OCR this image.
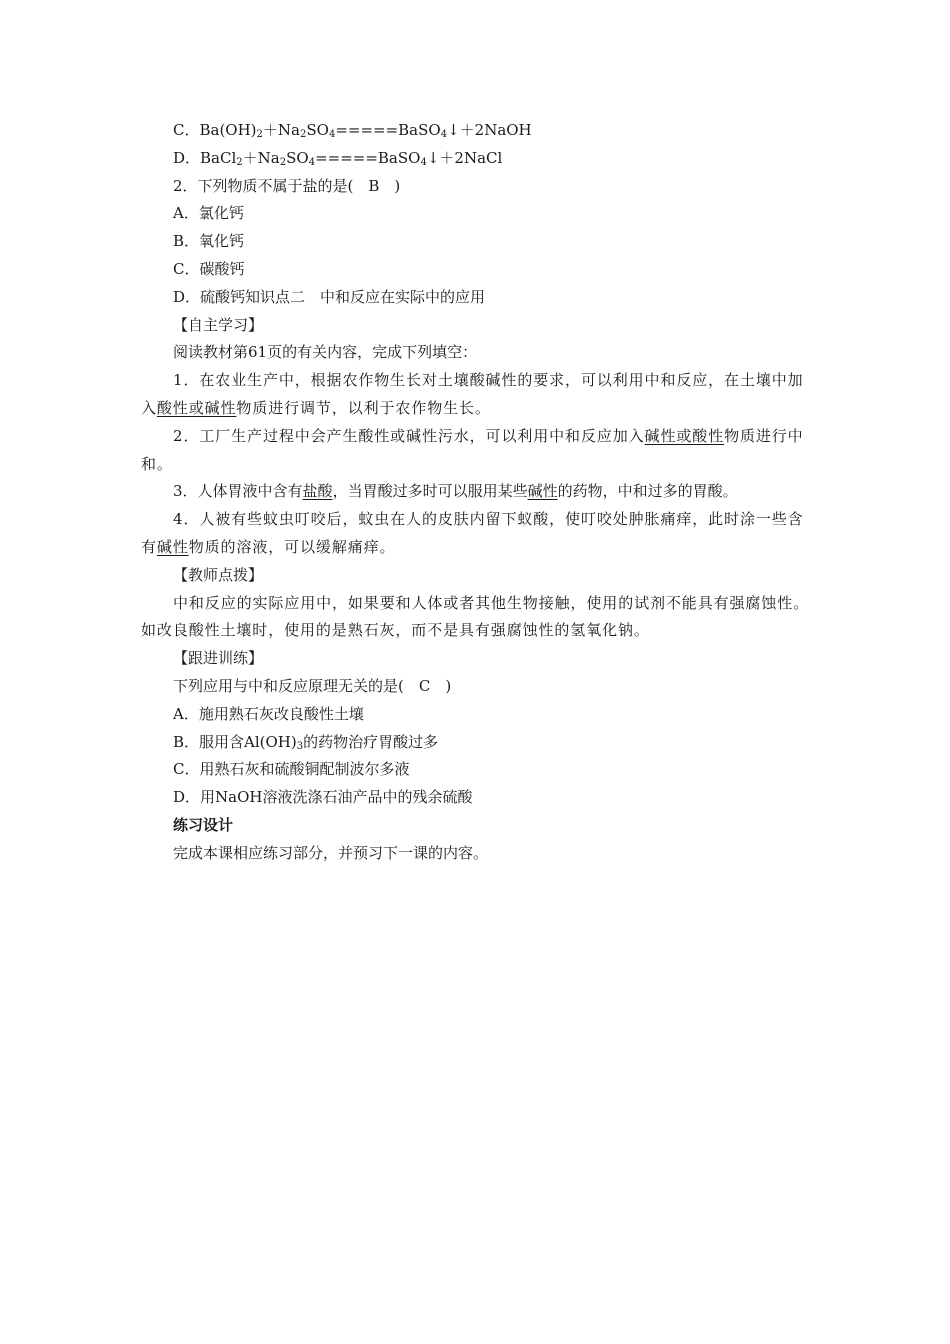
C．$Ba(OH)_2+Na_2SO_4=====BaSO_4↓+2NaOH$

D．$BaCl_2+Na_2SO_4=====BaSO_4↓+2NaCl$

2．下列物质不属于盐的是(　B　)

A．氯化钙

B．氧化钙

C．碳酸钙

D．硫酸钙知识点二　中和反应在实际中的应用

【自主学习】

阅读教材第61页的有关内容，完成下列填空：

1．在农业生产中，根据农作物生长对土壤酸碱性的要求，可以利用中和反应，在土壤中加入酸性或碱性物质进行调节，以利于农作物生长。

2．工厂生产过程中会产生酸性或碱性污水，可以利用中和反应加入碱性或酸性物质进行中和。

3．人体胃液中含有盐酸，当胃酸过多时可以服用某些碱性的药物，中和过多的胃酸。

4．人被有些蚊虫叮咬后，蚊虫在人的皮肤内留下蚁酸，使叮咬处肿胀痛痒，此时涂一些含有碱性物质的溶液，可以缓解痛痒。

【教师点拨】

中和反应的实际应用中，如果要和人体或者其他生物接触，使用的试剂不能具有强腐蚀性。如改良酸性土壤时，使用的是熟石灰，而不是具有强腐蚀性的氢氧化钠。

【跟进训练】

下列应用与中和反应原理无关的是(　C　)

A．施用熟石灰改良酸性土壤

B．服用含$Al(OH)_3$的药物治疗胃酸过多

C．用熟石灰和硫酸铜配制波尔多液

D．用NaOH溶液洗涤石油产品中的残余硫酸

练习设计

完成本课相应练习部分，并预习下一课的内容。
